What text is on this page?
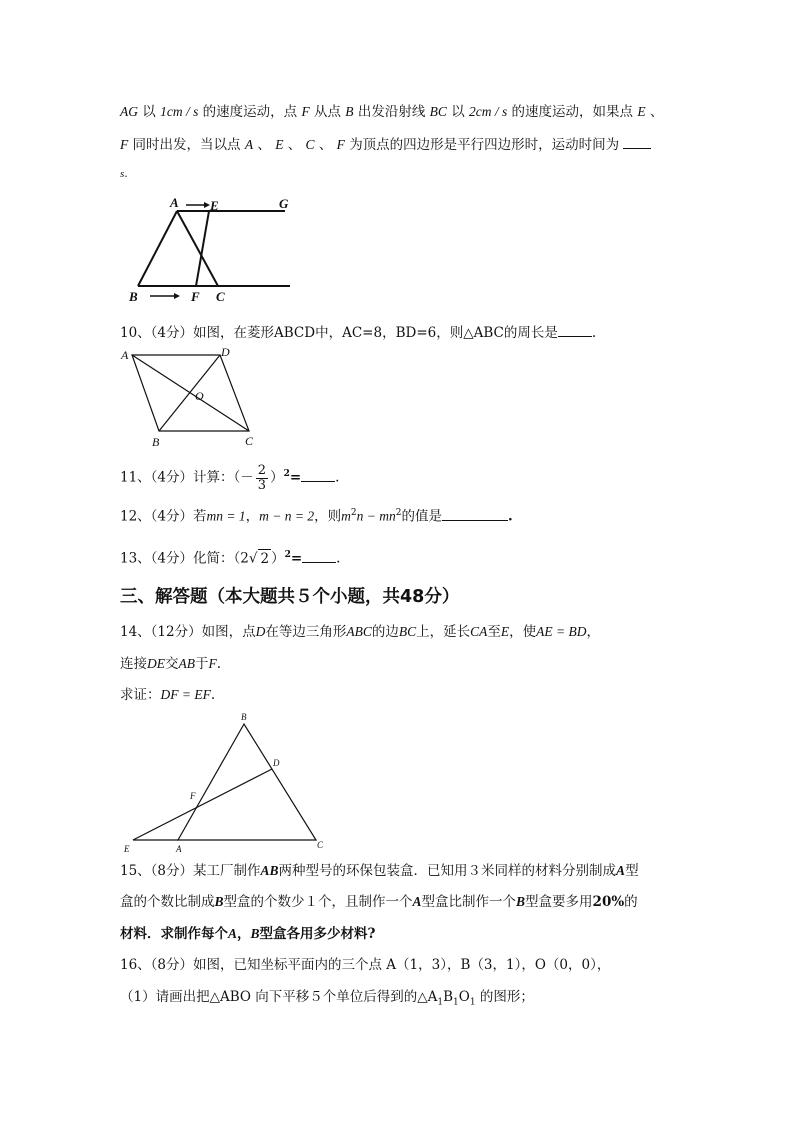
AG 以 1cm / s 的速度运动，点 F 从点 B 出发沿射线 BC 以 2cm / s 的速度运动，如果点 E 、
F 同时出发，当以点 A 、 E 、 C 、 F 为顶点的四边形是平行四边形时，运动时间为
s.
A E	G
B	F C
10、（4分）如图，在菱形ABCD中，AC=8，BD=6，则△ABC的周长是	.
A	D
O
B	C
11、（4分）计算：（－ $\frac{2}{3} )^2=$	.
12、（4分）若mn = 1，m − n = 2，则$m^2n - mn^2$的值是	.
13、（4分）化简：（2√ 2 ）$^2$=	.
三、解答题（本大题共５个小题，共48分）
14、（12分）如图，点D在等边三角形ABC的边BC上，延长CA至E，使AE = BD，
连接DE交AB于F.
求证：DF = EF.
B
D
F
E	A	C
15、（8分）某工厂制作AB两种型号的环保包装盒．已知用３米同样的材料分别制成A型
盒的个数比制成B型盒的个数少１个，且制作一个A型盒比制作一个B型盒要多用20%的
材料．求制作每个A，B型盒各用多少材料?
16、（8分）如图，已知坐标平面内的三个点 A（1，3），B（3，1），O（0，0），
（1）请画出把△ABO 向下平移５个单位后得到的$\triangle A_1B_1O_1$ 的图形；
